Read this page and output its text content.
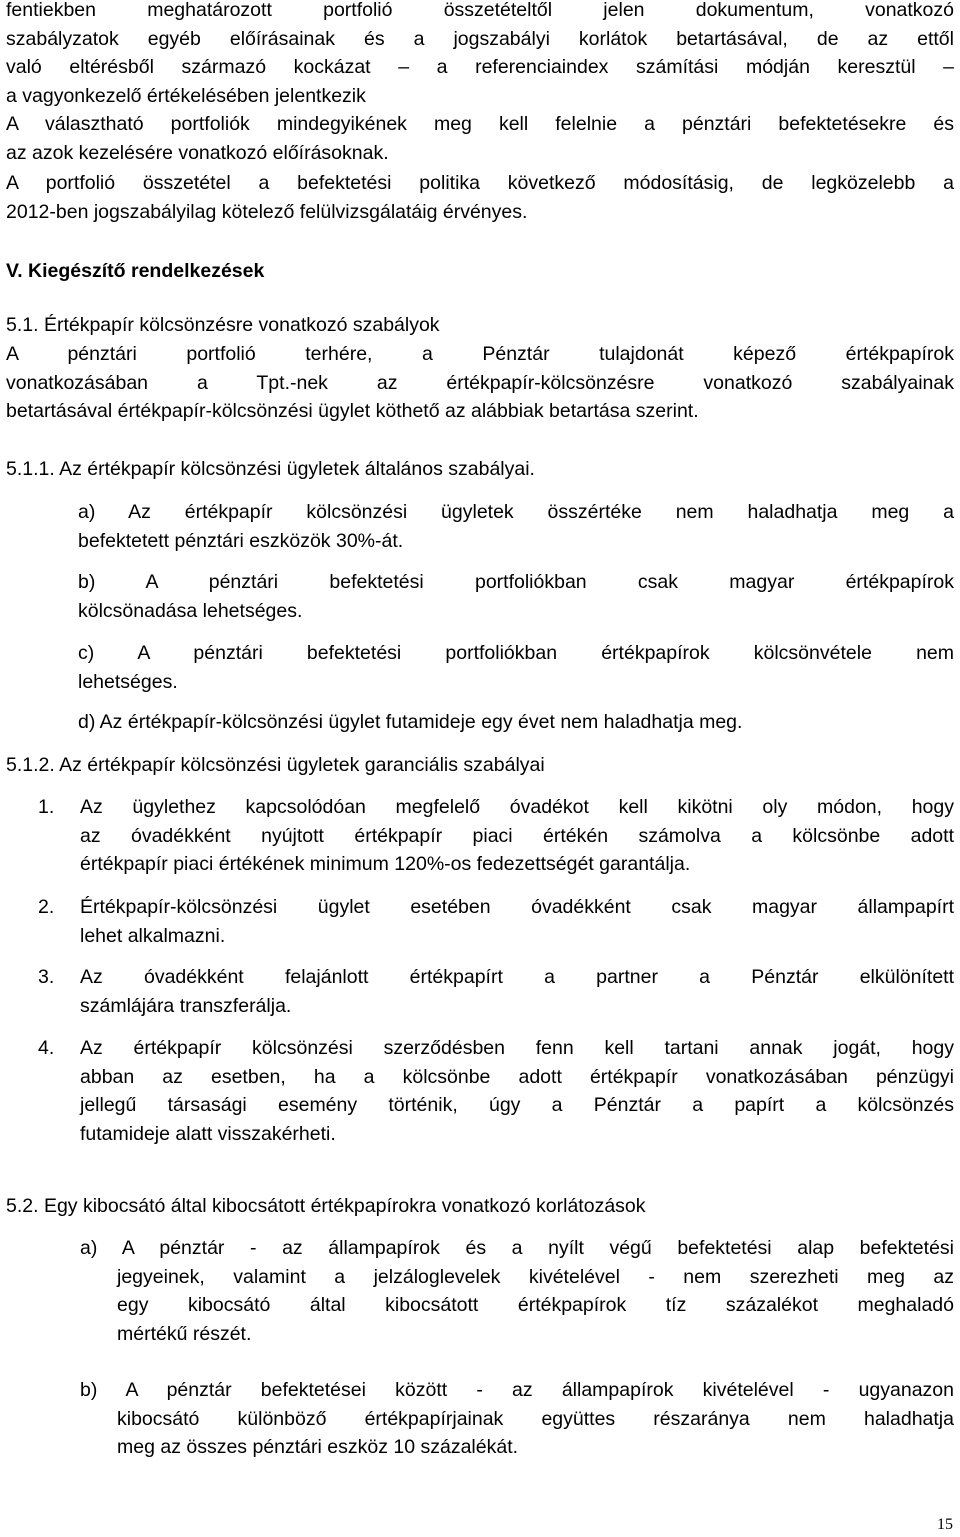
fentiekben meghatározott portfolió összetételtől jelen dokumentum, vonatkozó
szabályzatok egyéb előírásainak és a jogszabályi korlátok betartásával, de az ettől
való eltérésből származó kockázat – a referenciaindex számítási módján keresztül –
a vagyonkezelő értékelésében jelentkezik
A választható portfoliók mindegyikének meg kell felelnie a pénztári befektetésekre és
az azok kezelésére vonatkozó előírásoknak.
A portfolió összetétel a befektetési politika következő módosításig, de legközelebb a
2012-ben jogszabályilag kötelező felülvizsgálatáig érvényes.
V. Kiegészítő rendelkezések
5.1. Értékpapír kölcsönzésre vonatkozó szabályok
A pénztári portfolió terhére, a Pénztár tulajdonát képező értékpapírok
vonatkozásában a Tpt.-nek az értékpapír-kölcsönzésre vonatkozó szabályainak
betartásával értékpapír-kölcsönzési ügylet köthető az alábbiak betartása szerint.
5.1.1. Az értékpapír kölcsönzési ügyletek általános szabályai.
a) Az értékpapír kölcsönzési ügyletek összértéke nem haladhatja meg a
befektetett pénztári eszközök 30%-át.
b) A pénztári befektetési portfoliókban csak magyar értékpapírok
kölcsönadása lehetséges.
c) A pénztári befektetési portfoliókban értékpapírok kölcsönvétele nem
lehetséges.
d) Az értékpapír-kölcsönzési ügylet futamideje egy évet nem haladhatja meg.
5.1.2. Az értékpapír kölcsönzési ügyletek garanciális szabályai
1. Az ügylethez kapcsolódóan megfelelő óvadékot kell kikötni oly módon, hogy
az óvadékként nyújtott értékpapír piaci értékén számolva a kölcsönbe adott
értékpapír piaci értékének minimum 120%-os fedezettségét garantálja.
2. Értékpapír-kölcsönzési ügylet esetében óvadékként csak magyar állampapírt
lehet alkalmazni.
3. Az óvadékként felajánlott értékpapírt a partner a Pénztár elkülönített
számlájára transzferálja.
4. Az értékpapír kölcsönzési szerződésben fenn kell tartani annak jogát, hogy
abban az esetben, ha a kölcsönbe adott értékpapír vonatkozásában pénzügyi
jellegű társasági esemény történik, úgy a Pénztár a papírt a kölcsönzés
futamideje alatt visszakérheti.
5.2. Egy kibocsátó által kibocsátott értékpapírokra vonatkozó korlátozások
a) A pénztár - az állampapírok és a nyílt végű befektetési alap befektetési
jegyeinek, valamint a jelzáloglevelek kivételével - nem szerezheti meg az
egy kibocsátó által kibocsátott értékpapírok tíz százalékot meghaladó
mértékű részét.
b) A pénztár befektetései között - az állampapírok kivételével - ugyanazon
kibocsátó különböző értékpapírjainak együttes részaránya nem haladhatja
meg az összes pénztári eszköz 10 százalékát.
15
